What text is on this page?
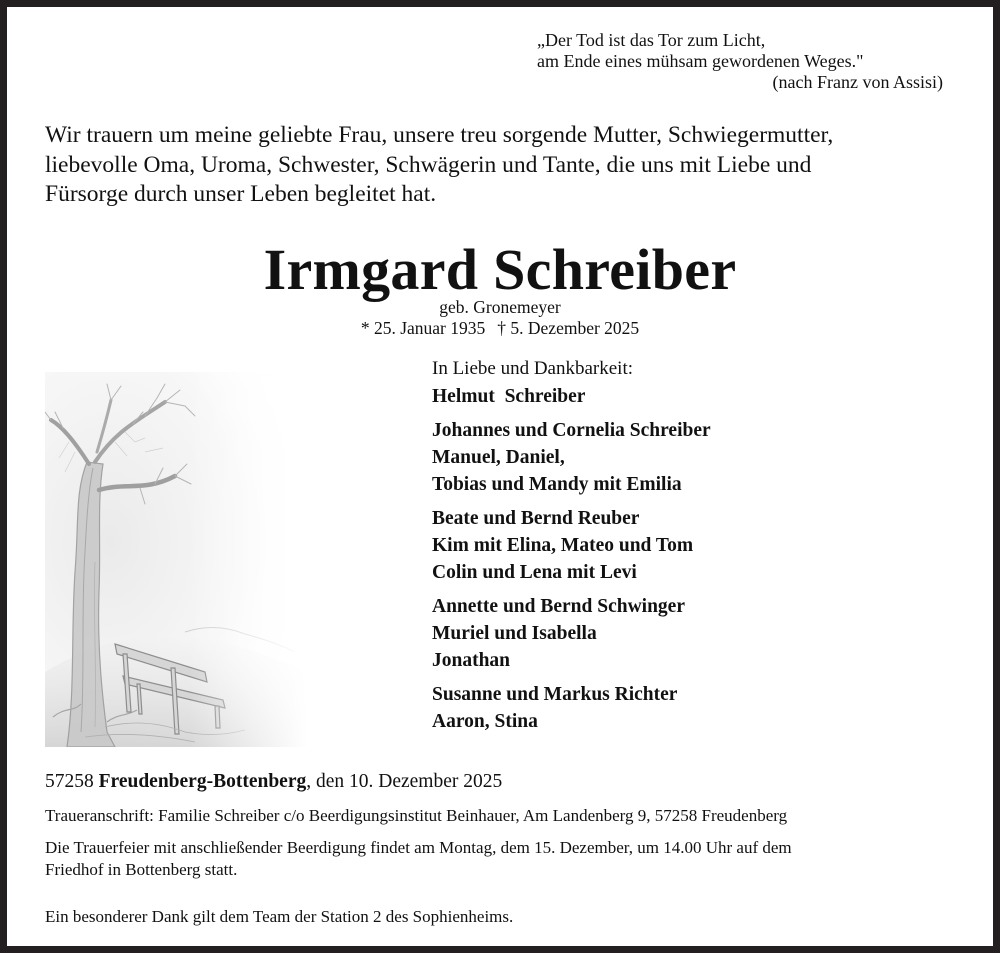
„Der Tod ist das Tor zum Licht,
am Ende eines mühsam gewordenen Weges."
(nach Franz von Assisi)
Wir trauern um meine geliebte Frau, unsere treu sorgende Mutter, Schwiegermutter,
liebevolle Oma, Uroma, Schwester, Schwägerin und Tante, die uns mit Liebe und
Fürsorge durch unser Leben begleitet hat.
Irmgard Schreiber
geb. Gronemeyer
* 25. Januar 1935 † 5. Dezember 2025
In Liebe und Dankbarkeit:
Helmut  Schreiber
Johannes und Cornelia Schreiber
Manuel, Daniel,
Tobias und Mandy mit Emilia
Beate und Bernd Reuber
Kim mit Elina, Mateo und Tom
Colin und Lena mit Levi
Annette und Bernd Schwinger
Muriel und Isabella
Jonathan
Susanne und Markus Richter
Aaron, Stina
57258 Freudenberg-Bottenberg, den 10. Dezember 2025
Traueranschrift: Familie Schreiber c/o Beerdigungsinstitut Beinhauer, Am Landenberg 9, 57258 Freudenberg
Die Trauerfeier mit anschließender Beerdigung findet am Montag, dem 15. Dezember, um 14.00 Uhr auf dem
Friedhof in Bottenberg statt.
Ein besonderer Dank gilt dem Team der Station 2 des Sophienheims.
